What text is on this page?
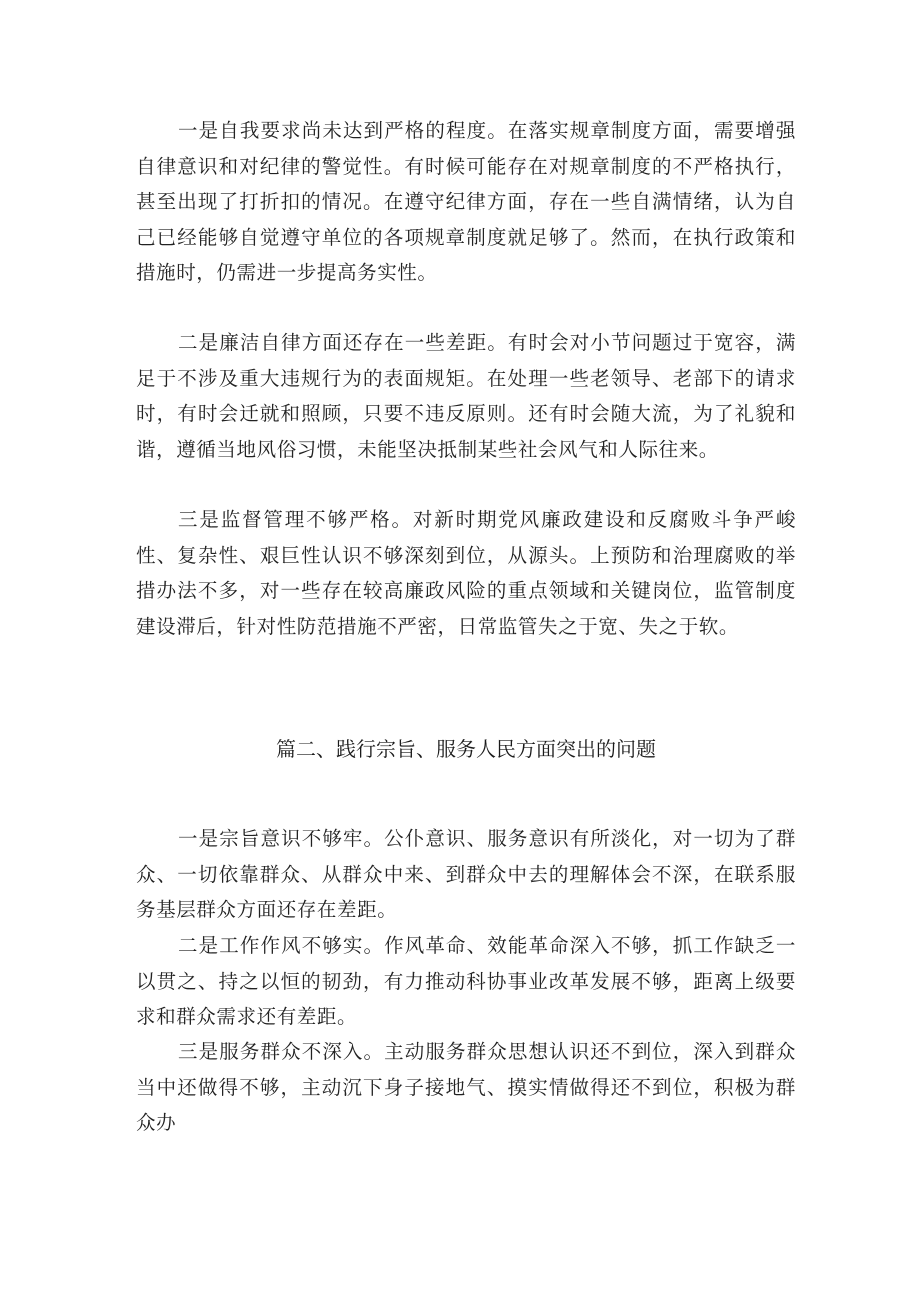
一是自我要求尚未达到严格的程度。在落实规章制度方面，需要增强自律意识和对纪律的警觉性。有时候可能存在对规章制度的不严格执行，甚至出现了打折扣的情况。在遵守纪律方面，存在一些自满情绪，认为自己已经能够自觉遵守单位的各项规章制度就足够了。然而，在执行政策和措施时，仍需进一步提高务实性。

二是廉洁自律方面还存在一些差距。有时会对小节问题过于宽容，满足于不涉及重大违规行为的表面规矩。在处理一些老领导、老部下的请求时，有时会迁就和照顾，只要不违反原则。还有时会随大流，为了礼貌和谐，遵循当地风俗习惯，未能坚决抵制某些社会风气和人际往来。

三是监督管理不够严格。对新时期党风廉政建设和反腐败斗争严峻性、复杂性、艰巨性认识不够深刻到位，从源头。上预防和治理腐败的举措办法不多，对一些存在较高廉政风险的重点领域和关键岗位，监管制度建设滞后，针对性防范措施不严密，日常监管失之于宽、失之于软。

篇二、践行宗旨、服务人民方面突出的问题

一是宗旨意识不够牢。公仆意识、服务意识有所淡化，对一切为了群众、一切依靠群众、从群众中来、到群众中去的理解体会不深，在联系服务基层群众方面还存在差距。

二是工作作风不够实。作风革命、效能革命深入不够，抓工作缺乏一以贯之、持之以恒的韧劲，有力推动科协事业改革发展不够，距离上级要求和群众需求还有差距。

三是服务群众不深入。主动服务群众思想认识还不到位，深入到群众当中还做得不够，主动沉下身子接地气、摸实情做得还不到位，积极为群众办
